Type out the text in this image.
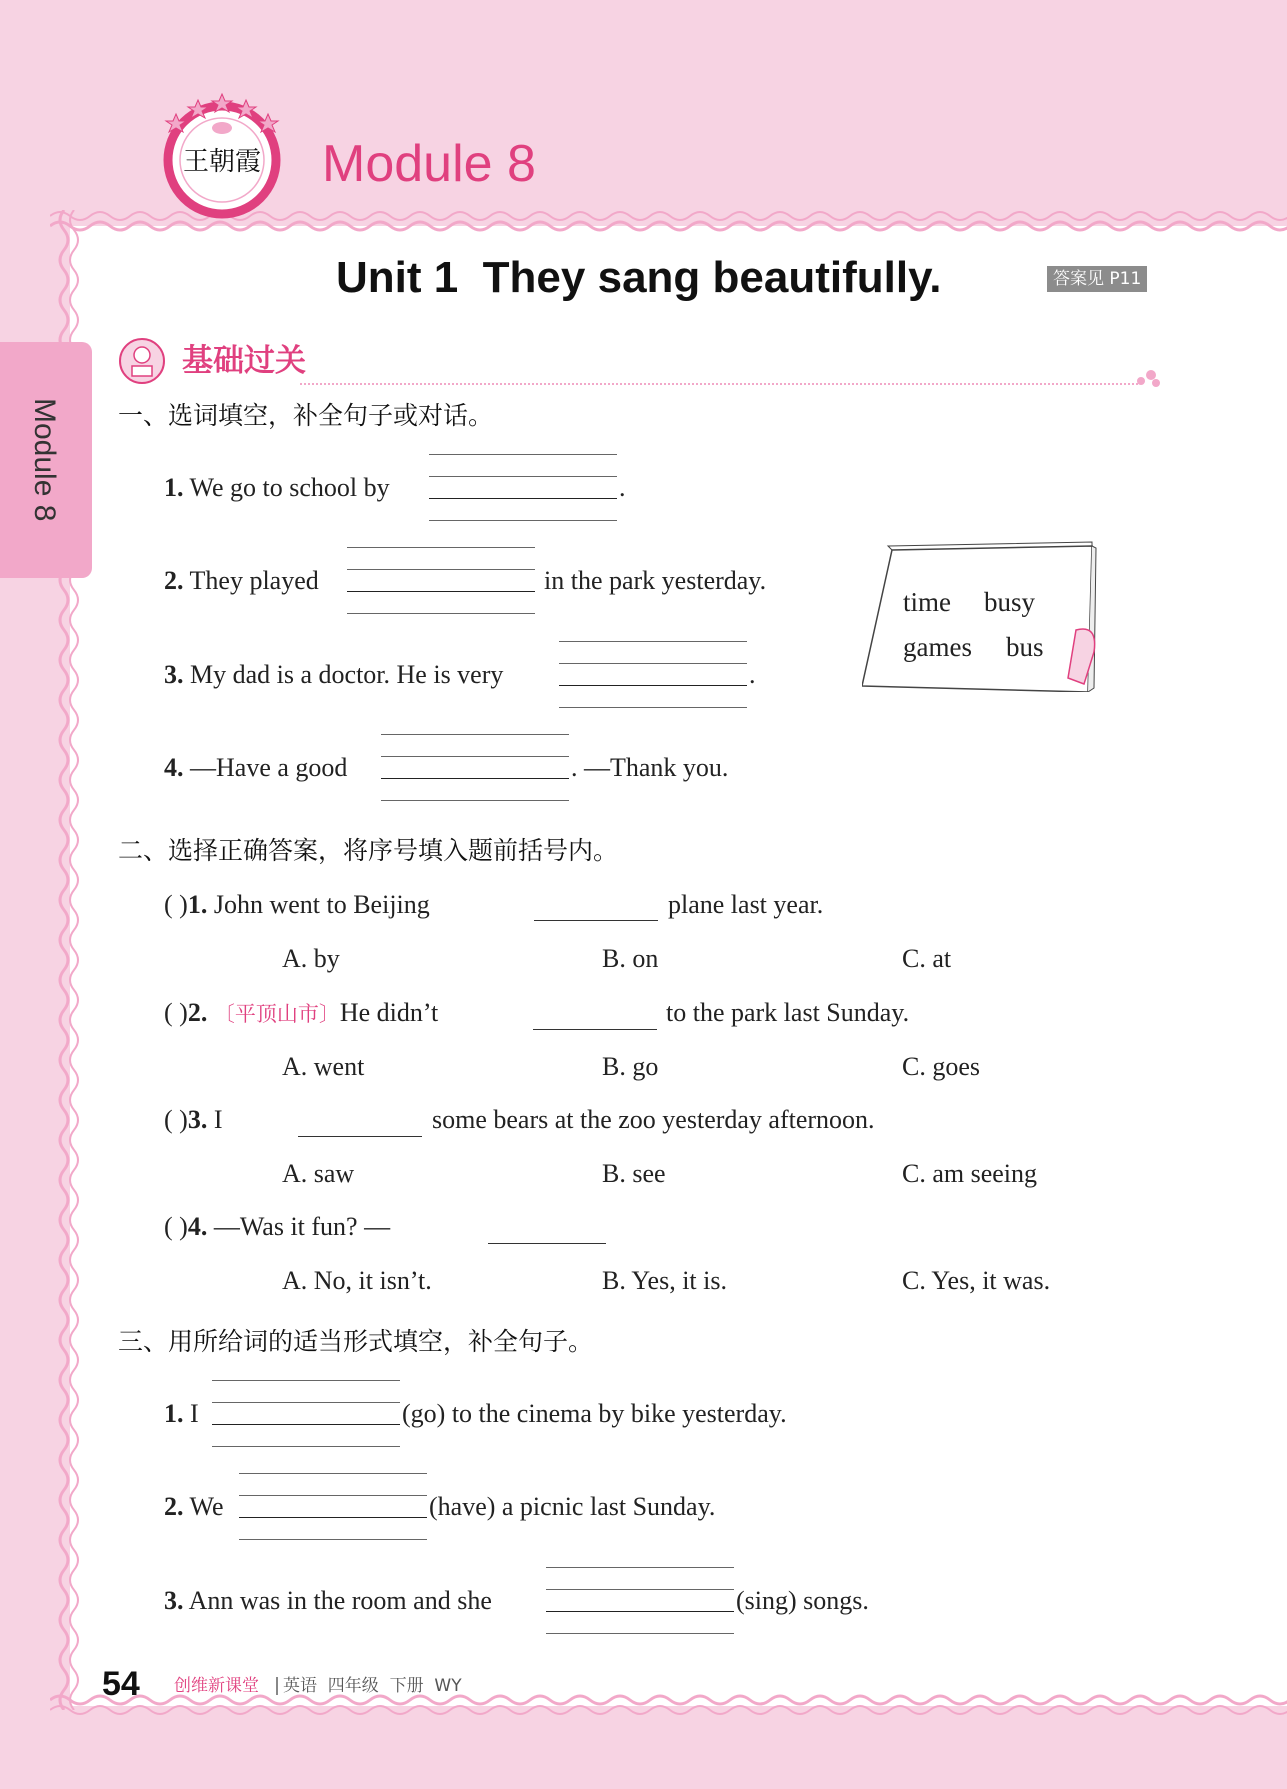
Module 8
王朝霞 Module 8
Unit 1  They sang beautifully.	答案见 P11
基础过关
一、选词填空，补全句子或对话。
1. We go to school by	.
2. They played	in the park yesterday.
3. My dad is a doctor. He is very	.
4. —Have a good	. —Thank you.
time busy
games bus
二、选择正确答案，将序号填入题前括号内。
( )1. John went to Beijing	plane last year.
A. by	B. on	C. at
( )2. 〔平顶山市〕He didn’t	to the park last Sunday.
A. went	B. go	C. goes
( )3. I	some bears at the zoo yesterday afternoon.
A. saw	B. see	C. am seeing
( )4. —Was it fun? —
A. No, it isn’t.	B. Yes, it is.	C. Yes, it was.
三、用所给词的适当形式填空，补全句子。
1. I	(go) to the cinema by bike yesterday.
2. We	(have) a picnic last Sunday.
3. Ann was in the room and she	(sing) songs.
54 创维新课堂 英语  四年级  下册  WY
